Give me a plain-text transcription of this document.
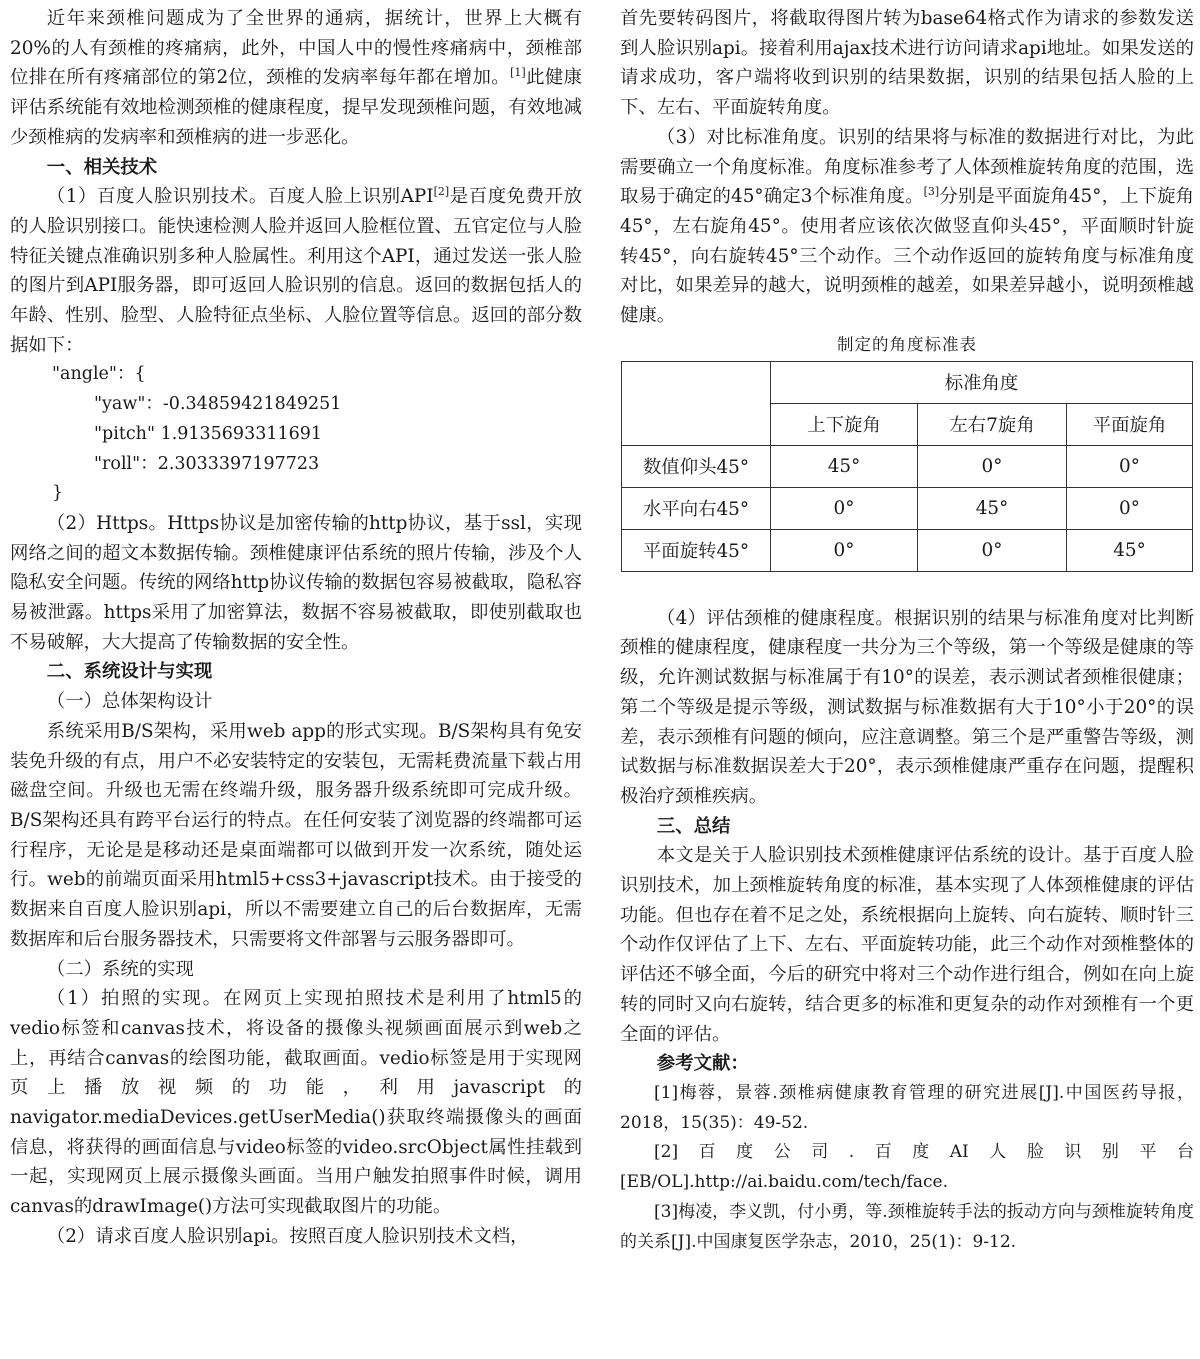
近年来颈椎问题成为了全世界的通病，据统计，世界上大概有20%的人有颈椎的疼痛病，此外，中国人中的慢性疼痛病中，颈椎部位排在所有疼痛部位的第2位，颈椎的发病率每年都在增加。[1]此健康评估系统能有效地检测颈椎的健康程度，提早发现颈椎问题，有效地减少颈椎病的发病率和颈椎病的进一步恶化。

一、相关技术

（1）百度人脸识别技术。百度人脸上识别API[2]是百度免费开放的人脸识别接口。能快速检测人脸并返回人脸框位置、五官定位与人脸特征关键点准确识别多种人脸属性。利用这个API，通过发送一张人脸的图片到API服务器，即可返回人脸识别的信息。返回的数据包括人的年龄、性别、脸型、人脸特征点坐标、人脸位置等信息。返回的部分数据如下：

"angle"：{

"yaw"：-0.34859421849251

"pitch" 1.9135693311691

"roll"：2.3033397197723

}

（2）Https。Https协议是加密传输的http协议，基于ssl，实现网络之间的超文本数据传输。颈椎健康评估系统的照片传输，涉及个人隐私安全问题。传统的网络http协议传输的数据包容易被截取，隐私容易被泄露。https采用了加密算法，数据不容易被截取，即使别截取也不易破解，大大提高了传输数据的安全性。

二、系统设计与实现
（一）总体架构设计

系统采用B/S架构，采用web app的形式实现。B/S架构具有免安装免升级的有点，用户不必安装特定的安装包，无需耗费流量下载占用磁盘空间。升级也无需在终端升级，服务器升级系统即可完成升级。B/S架构还具有跨平台运行的特点。在任何安装了浏览器的终端都可运行程序，无论是是移动还是桌面端都可以做到开发一次系统，随处运行。web的前端页面采用html5+css3+javascript技术。由于接受的数据来自百度人脸识别api，所以不需要建立自己的后台数据库，无需数据库和后台服务器技术，只需要将文件部署与云服务器即可。

（二）系统的实现

（1）拍照的实现。在网页上实现拍照技术是利用了html5的vedio标签和canvas技术，将设备的摄像头视频画面展示到web之上，再结合canvas的绘图功能，截取画面。vedio标签是用于实现网页上播放视频的功能，利用javascript的navigator.mediaDevices.getUserMedia()获取终端摄像头的画面信息，将获得的画面信息与video标签的video.srcObject属性挂载到一起，实现网页上展示摄像头画面。当用户触发拍照事件时候，调用canvas的drawImage()方法可实现截取图片的功能。

（2）请求百度人脸识别api。按照百度人脸识别技术文档，

首先要转码图片，将截取得图片转为base64格式作为请求的参数发送到人脸识别api。接着利用ajax技术进行访问请求api地址。如果发送的请求成功，客户端将收到识别的结果数据，识别的结果包括人脸的上下、左右、平面旋转角度。

（3）对比标准角度。识别的结果将与标准的数据进行对比，为此需要确立一个角度标准。角度标准参考了人体颈椎旋转角度的范围，选取易于确定的45°确定3个标准角度。[3]分别是平面旋角45°，上下旋角45°，左右旋角45°。使用者应该依次做竖直仰头45°，平面顺时针旋转45°，向右旋转45°三个动作。三个动作返回的旋转角度与标准角度对比，如果差异的越大，说明颈椎的越差，如果差异越小，说明颈椎越健康。

制定的角度标准表
	标准角度		
	上下旋角	左右7旋角	平面旋角
数值仰头45°	45°	0°	0°
水平向右45°	0°	45°	0°
平面旋转45°	0°	0°	45°

（4）评估颈椎的健康程度。根据识别的结果与标准角度对比判断颈椎的健康程度，健康程度一共分为三个等级，第一个等级是健康的等级，允许测试数据与标准属于有10°的误差，表示测试者颈椎很健康；第二个等级是提示等级，测试数据与标准数据有大于10°小于20°的误差，表示颈椎有问题的倾向，应注意调整。第三个是严重警告等级，测试数据与标准数据误差大于20°，表示颈椎健康严重存在问题，提醒积极治疗颈椎疾病。

三、总结

本文是关于人脸识别技术颈椎健康评估系统的设计。基于百度人脸识别技术，加上颈椎旋转角度的标准，基本实现了人体颈椎健康的评估功能。但也存在着不足之处，系统根据向上旋转、向右旋转、顺时针三个动作仅评估了上下、左右、平面旋转功能，此三个动作对颈椎整体的评估还不够全面，今后的研究中将对三个动作进行组合，例如在向上旋转的同时又向右旋转，结合更多的标准和更复杂的动作对颈椎有一个更全面的评估。

参考文献：

[1]梅蓉，景蓉.颈椎病健康教育管理的研究进展[J].中国医药导报，2018，15(35)：49-52.

[2]百度公司.百度AI人脸识别平台[EB/OL].http://ai.baidu.com/tech/face.

[3]梅凌，李义凯，付小勇，等.颈椎旋转手法的扳动方向与颈椎旋转角度的关系[J].中国康复医学杂志，2010，25(1)：9-12.
